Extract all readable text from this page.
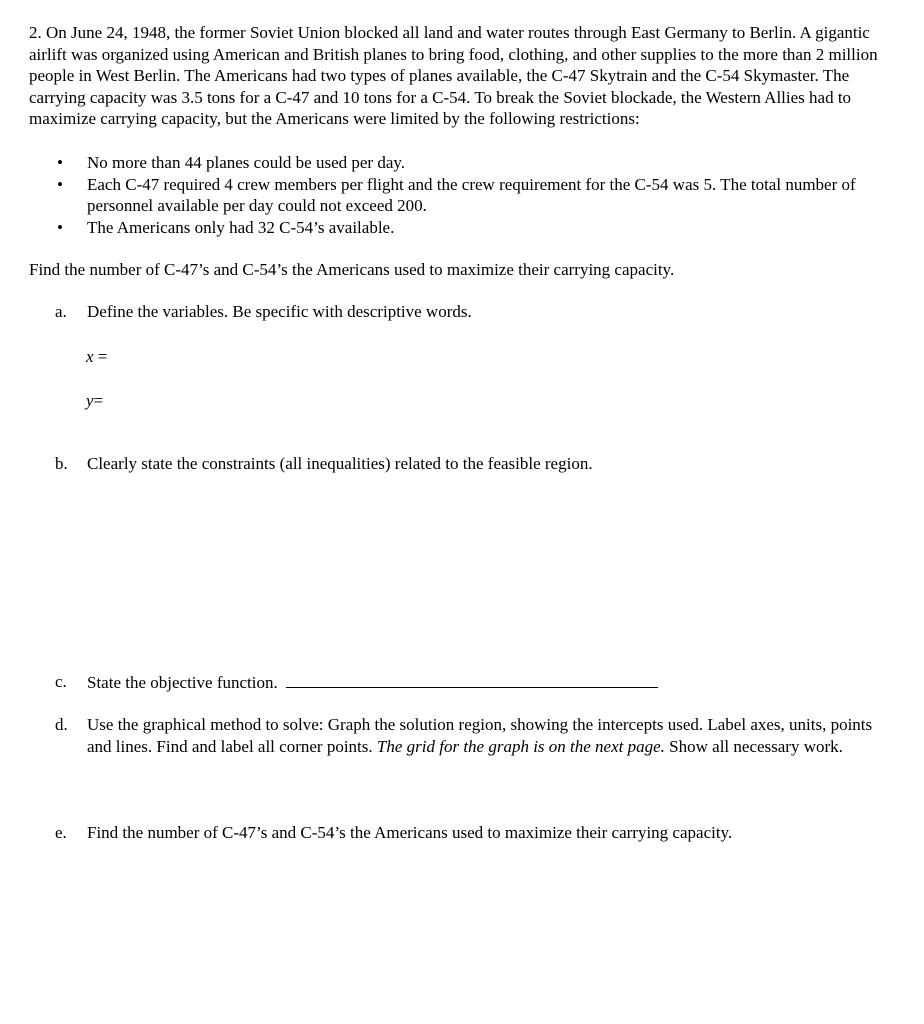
2. On June 24, 1948, the former Soviet Union blocked all land and water routes through East Germany to Berlin. A gigantic airlift was organized using American and British planes to bring food, clothing, and other supplies to the more than 2 million people in West Berlin. The Americans had two types of planes available, the C-47 Skytrain and the C-54 Skymaster. The carrying capacity was 3.5 tons for a C-47 and 10 tons for a C-54. To break the Soviet blockade, the Western Allies had to maximize carrying capacity, but the Americans were limited by the following restrictions:

• No more than 44 planes could be used per day.
• Each C-47 required 4 crew members per flight and the crew requirement for the C-54 was 5. The total number of personnel available per day could not exceed 200.
• The Americans only had 32 C-54’s available.

Find the number of C-47’s and C-54’s the Americans used to maximize their carrying capacity.

a.	Define the variables. Be specific with descriptive words.

x =

y=

b.	Clearly state the constraints (all inequalities) related to the feasible region.
c.	State the objective function.
d.	Use the graphical method to solve: Graph the solution region, showing the intercepts used. Label axes, units, points and lines. Find and label all corner points. The grid for the graph is on the next page. Show all necessary work.
e.	Find the number of C-47’s and C-54’s the Americans used to maximize their carrying capacity.
